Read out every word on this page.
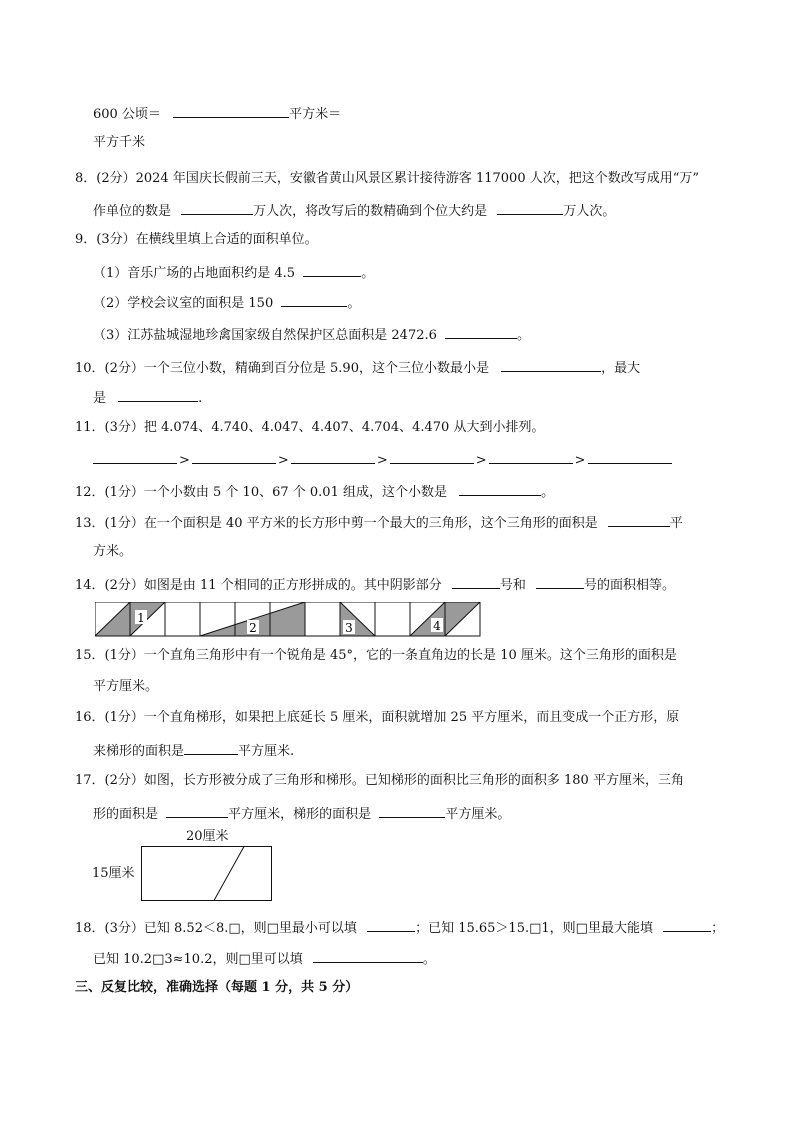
600 公顷＝	平方米＝
平方千米
8．(2分）2024 年国庆长假前三天，安徽省黄山风景区累计接待游客 117000 人次，把这个数改写成用“万”
作单位的数是	万人次，将改写后的数精确到个位大约是	万人次。
9．(3分）在横线里填上合适的面积单位。
（1）音乐广场的占地面积约是 4.5	。
（2）学校会议室的面积是 150	。
（3）江苏盐城湿地珍禽国家级自然保护区总面积是 2472.6	。
10．(2分）一个三位小数，精确到百分位是 5.90，这个三位小数最小是	，最大
是	.
11．(3分）把 4.074、4.740、4.047、4.407、4.704、4.470 从大到小排列。
>	>	>	>	>
12．(1分）一个小数由 5 个 10、67 个 0.01 组成，这个小数是	。
13．(1分）在一个面积是 40 平方米的长方形中剪一个最大的三角形，这个三角形的面积是	平
方米。
14．(2分）如图是由 11 个相同的正方形拼成的。其中阴影部分	号和	号的面积相等。
1
2	3	4
15．(1分）一个直角三角形中有一个锐角是 45°，它的一条直角边的长是 10 厘米。这个三角形的面积是
平方厘米。
16．(1分）一个直角梯形，如果把上底延长 5 厘米，面积就增加 25 平方厘米，而且变成一个正方形，原
来梯形的面积是	平方厘米.
17．(2分）如图，长方形被分成了三角形和梯形。已知梯形的面积比三角形的面积多 180 平方厘米，三角
形的面积是	平方厘米，梯形的面积是	平方厘米。
20厘米
15厘米
18．(3分）已知 8.52＜8.□，则□里最小可以填	；已知 15.65＞15.□1，则□里最大能填	；
已知 10.2□3≈10.2，则□里可以填	。
三、反复比较，准确选择（每题 1 分，共 5 分）
